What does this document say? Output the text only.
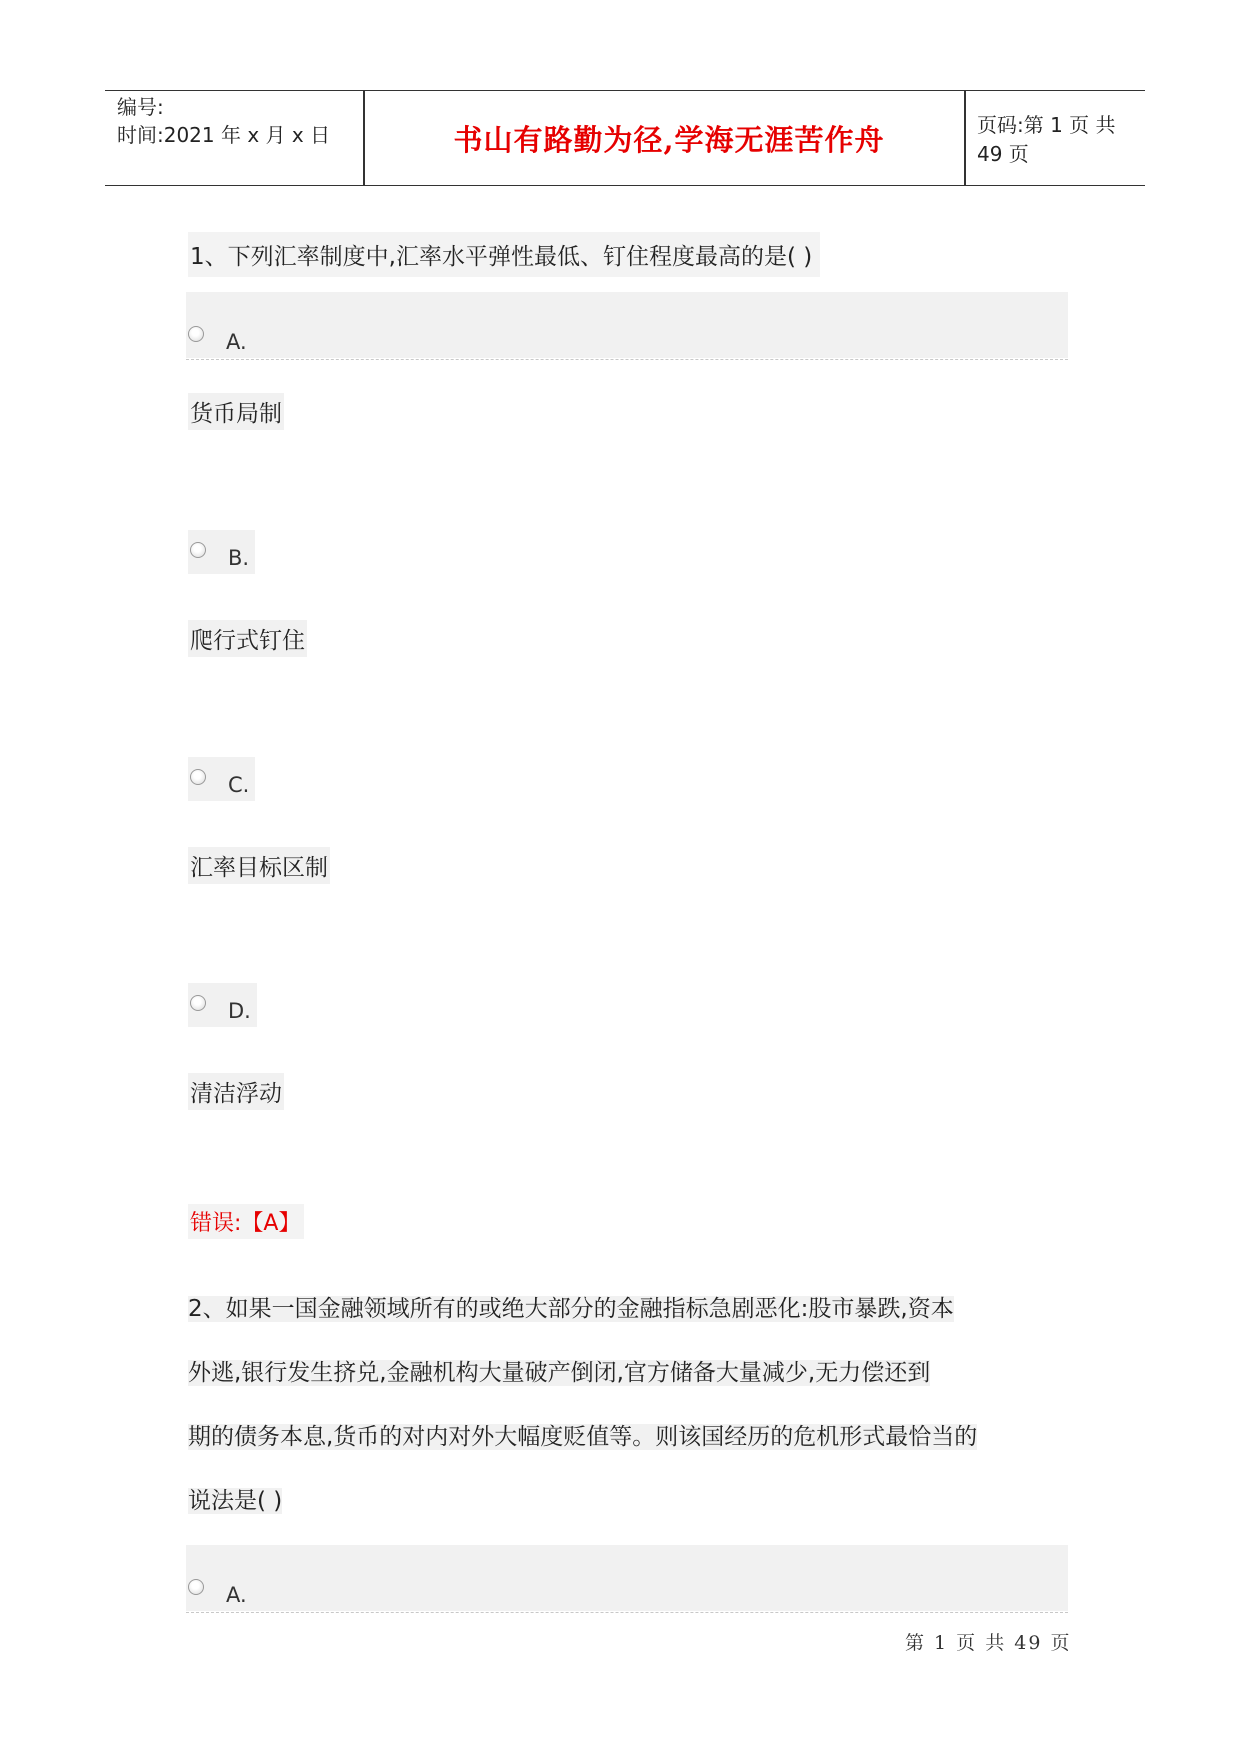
编号:
时间:2021 年 x 月 x 日	书山有路勤为径,学海无涯苦作舟	页码:第 1 页 共 49 页
1、下列汇率制度中,汇率水平弹性最低、钉住程度最高的是( )
A.
货币局制
B.
爬行式钉住
C.
汇率目标区制
D.
清洁浮动
错误:【A】
2、如果一国金融领域所有的或绝大部分的金融指标急剧恶化:股市暴跌,资本
外逃,银行发生挤兑,金融机构大量破产倒闭,官方储备大量减少,无力偿还到
期的债务本息,货币的对内对外大幅度贬值等。则该国经历的危机形式最恰当的
说法是( )
A.
第 1 页 共 49 页
